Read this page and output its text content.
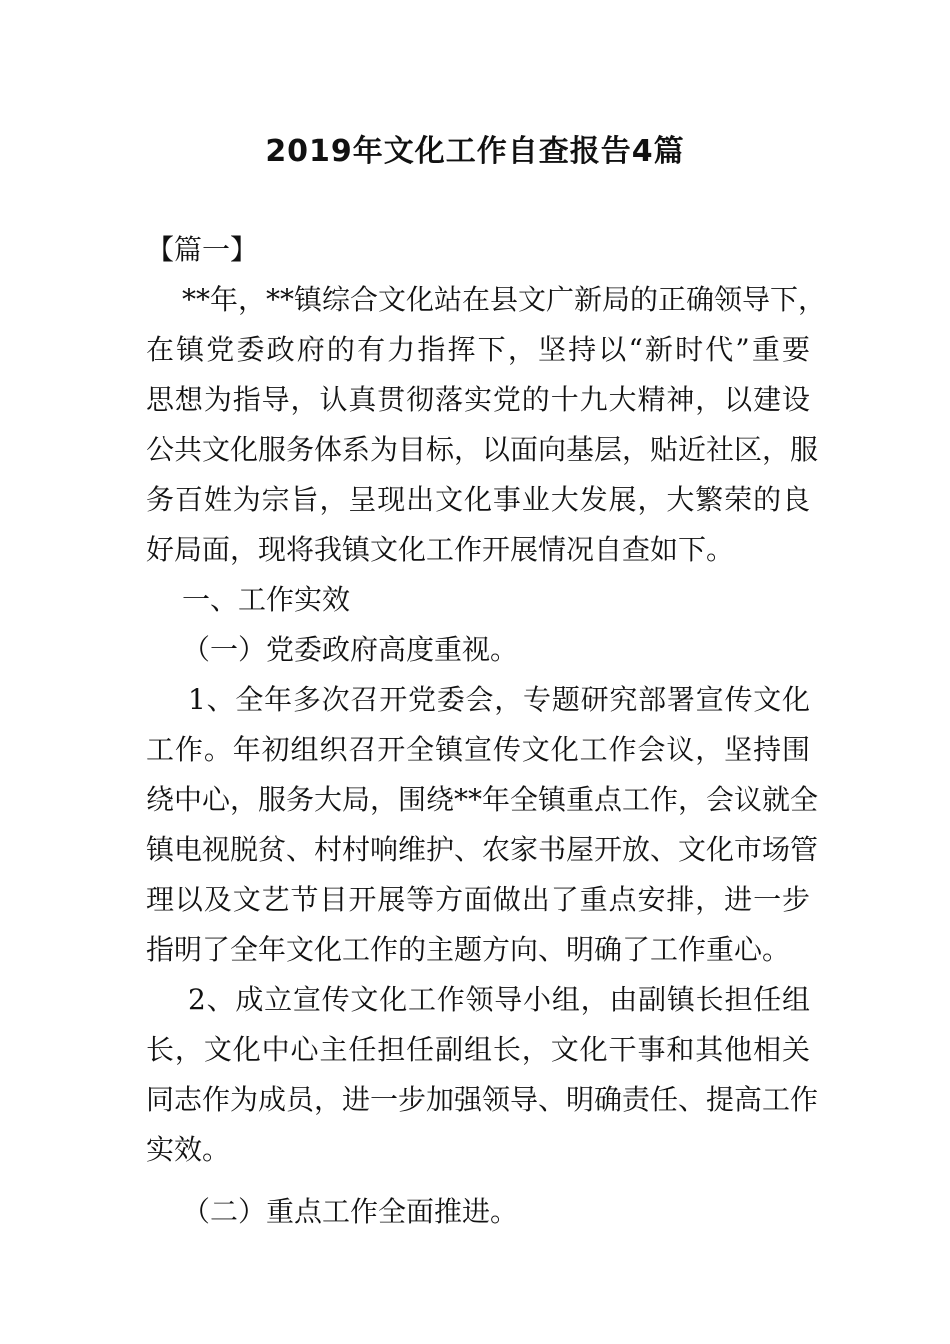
2019年文化工作自查报告4篇
【篇一】
**年，**镇综合文化站在县文广新局的正确领导下，
在镇党委政府的有力指挥下，坚持以“新时代”重要
思想为指导，认真贯彻落实党的十九大精神，以建设
公共文化服务体系为目标，以面向基层，贴近社区，服
务百姓为宗旨，呈现出文化事业大发展，大繁荣的良
好局面，现将我镇文化工作开展情况自查如下。
一、工作实效
（一）党委政府高度重视。
1、全年多次召开党委会，专题研究部署宣传文化
工作。年初组织召开全镇宣传文化工作会议，坚持围
绕中心，服务大局，围绕**年全镇重点工作，会议就全
镇电视脱贫、村村响维护、农家书屋开放、文化市场管
理以及文艺节目开展等方面做出了重点安排，进一步
指明了全年文化工作的主题方向、明确了工作重心。
2、成立宣传文化工作领导小组，由副镇长担任组
长，文化中心主任担任副组长，文化干事和其他相关
同志作为成员，进一步加强领导、明确责任、提高工作
实效。
（二）重点工作全面推进。
